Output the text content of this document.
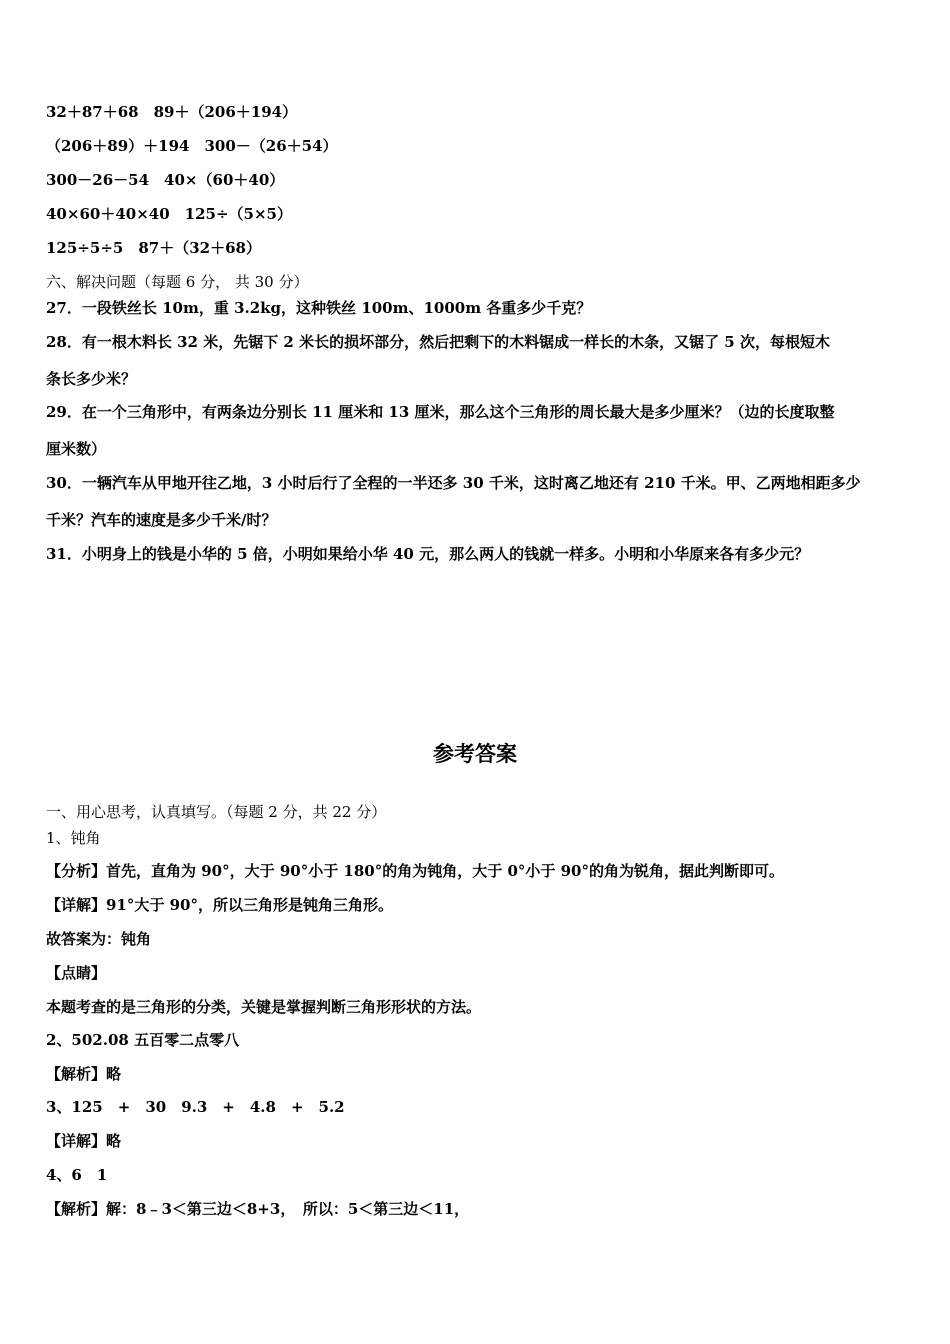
32＋87＋68　89＋（206＋194）
（206＋89）＋194　300－（26＋54）
300－26－54　40×（60＋40）
40×60＋40×40　125÷（5×5）
125÷5÷5　87＋（32＋68）
六、解决问题（每题 6 分， 共 30 分）
27．一段铁丝长 10m，重 3.2kg，这种铁丝 100m、1000m 各重多少千克？
28．有一根木料长 32 米，先锯下 2 米长的损坏部分，然后把剩下的木料锯成一样长的木条，又锯了 5 次，每根短木
条长多少米？
29．在一个三角形中，有两条边分别长 11 厘米和 13 厘米，那么这个三角形的周长最大是多少厘米？（边的长度取整
厘米数）
30．一辆汽车从甲地开往乙地，3 小时后行了全程的一半还多 30 千米，这时离乙地还有 210 千米。甲、乙两地相距多少
千米？汽车的速度是多少千米/时？
31．小明身上的钱是小华的 5 倍，小明如果给小华 40 元，那么两人的钱就一样多。小明和小华原来各有多少元？
参考答案
一、用心思考，认真填写。（每题 2 分，共 22 分）
1、钝角
【分析】首先，直角为 90°，大于 90°小于 180°的角为钝角，大于 0°小于 90°的角为锐角，据此判断即可。
【详解】91°大于 90°，所以三角形是钝角三角形。
故答案为：钝角
【点睛】
本题考查的是三角形的分类，关键是掌握判断三角形形状的方法。
2、502.08 五百零二点零八
【解析】略
3、125　+　30　9.3　+　4.8　+　5.2
【详解】略
4、6　1
【解析】解：8﹣3＜第三边＜8+3，　所以：5＜第三边＜11，
